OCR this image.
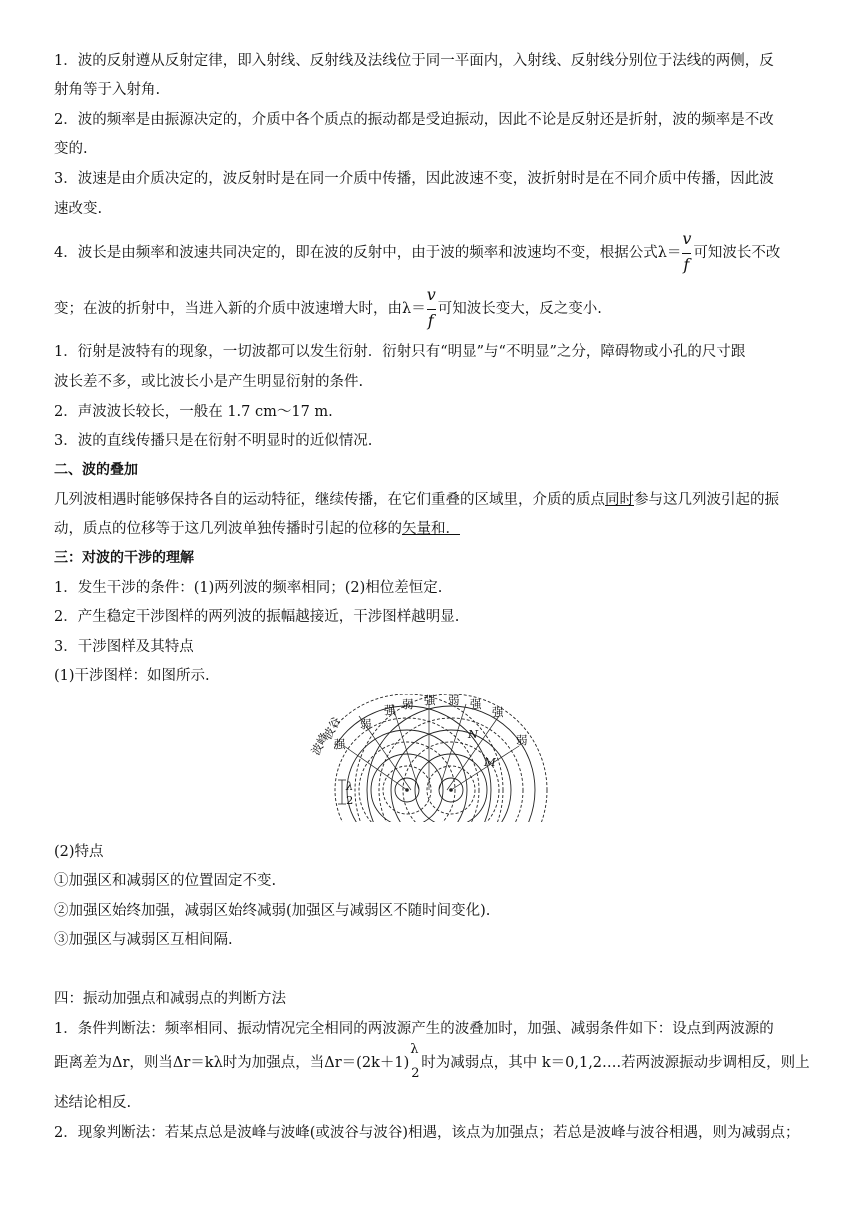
1．波的反射遵从反射定律，即入射线、反射线及法线位于同一平面内，入射线、反射线分别位于法线的两侧，反
射角等于入射角.
2．波的频率是由振源决定的，介质中各个质点的振动都是受迫振动，因此不论是反射还是折射，波的频率是不改
变的.
3．波速是由介质决定的，波反射时是在同一介质中传播，因此波速不变，波折射时是在不同介质中传播，因此波
速改变.
4．波长是由频率和波速共同决定的，即在波的反射中，由于波的频率和波速均不变，根据公式$\lambda= \frac{v}{f}$ 可知波长不改
变；在波的折射中，当进入新的介质中波速增大时，由$\lambda= \frac{v}{f}$ 可知波长变大，反之变小.
1．衍射是波特有的现象，一切波都可以发生衍射．衍射只有“明显”与“不明显”之分，障碍物或小孔的尺寸跟
波长差不多，或比波长小是产生明显衍射的条件.
2．声波波长较长，一般在 1.7 cm～17 m.
3．波的直线传播只是在衍射不明显时的近似情况.
二、波的叠加
几列波相遇时能够保持各自的运动特征，继续传播，在它们重叠的区域里，介质的质点同时参与这几列波引起的振
动，质点的位移等于这几列波单独传播时引起的位移的矢量和．
三：对波的干涉的理解
1．发生干涉的条件：(1)两列波的频率相同；(2)相位差恒定.
2．产生稳定干涉图样的两列波的振幅越接近，干涉图样越明显.
3．干涉图样及其特点
(1)干涉图样：如图所示.
弱
强 弱 强 弱 强
波峰
波谷
强
强
弱
N
M
λ
2
(2)特点
①加强区和减弱区的位置固定不变.
②加强区始终加强，减弱区始终减弱(加强区与减弱区不随时间变化).
③加强区与减弱区互相间隔.
四：振动加强点和减弱点的判断方法
1．条件判断法：频率相同、振动情况完全相同的两波源产生的波叠加时，加强、减弱条件如下：设点到两波源的
距离差为Δr，则当Δr＝kλ时为加强点，当Δr＝(2k＋1)
λ
2
时为减弱点，其中 k＝0,1,2….若两波源振动步调相反，则上
述结论相反.
2．现象判断法：若某点总是波峰与波峰(或波谷与波谷)相遇，该点为加强点；若总是波峰与波谷相遇，则为减弱点；
